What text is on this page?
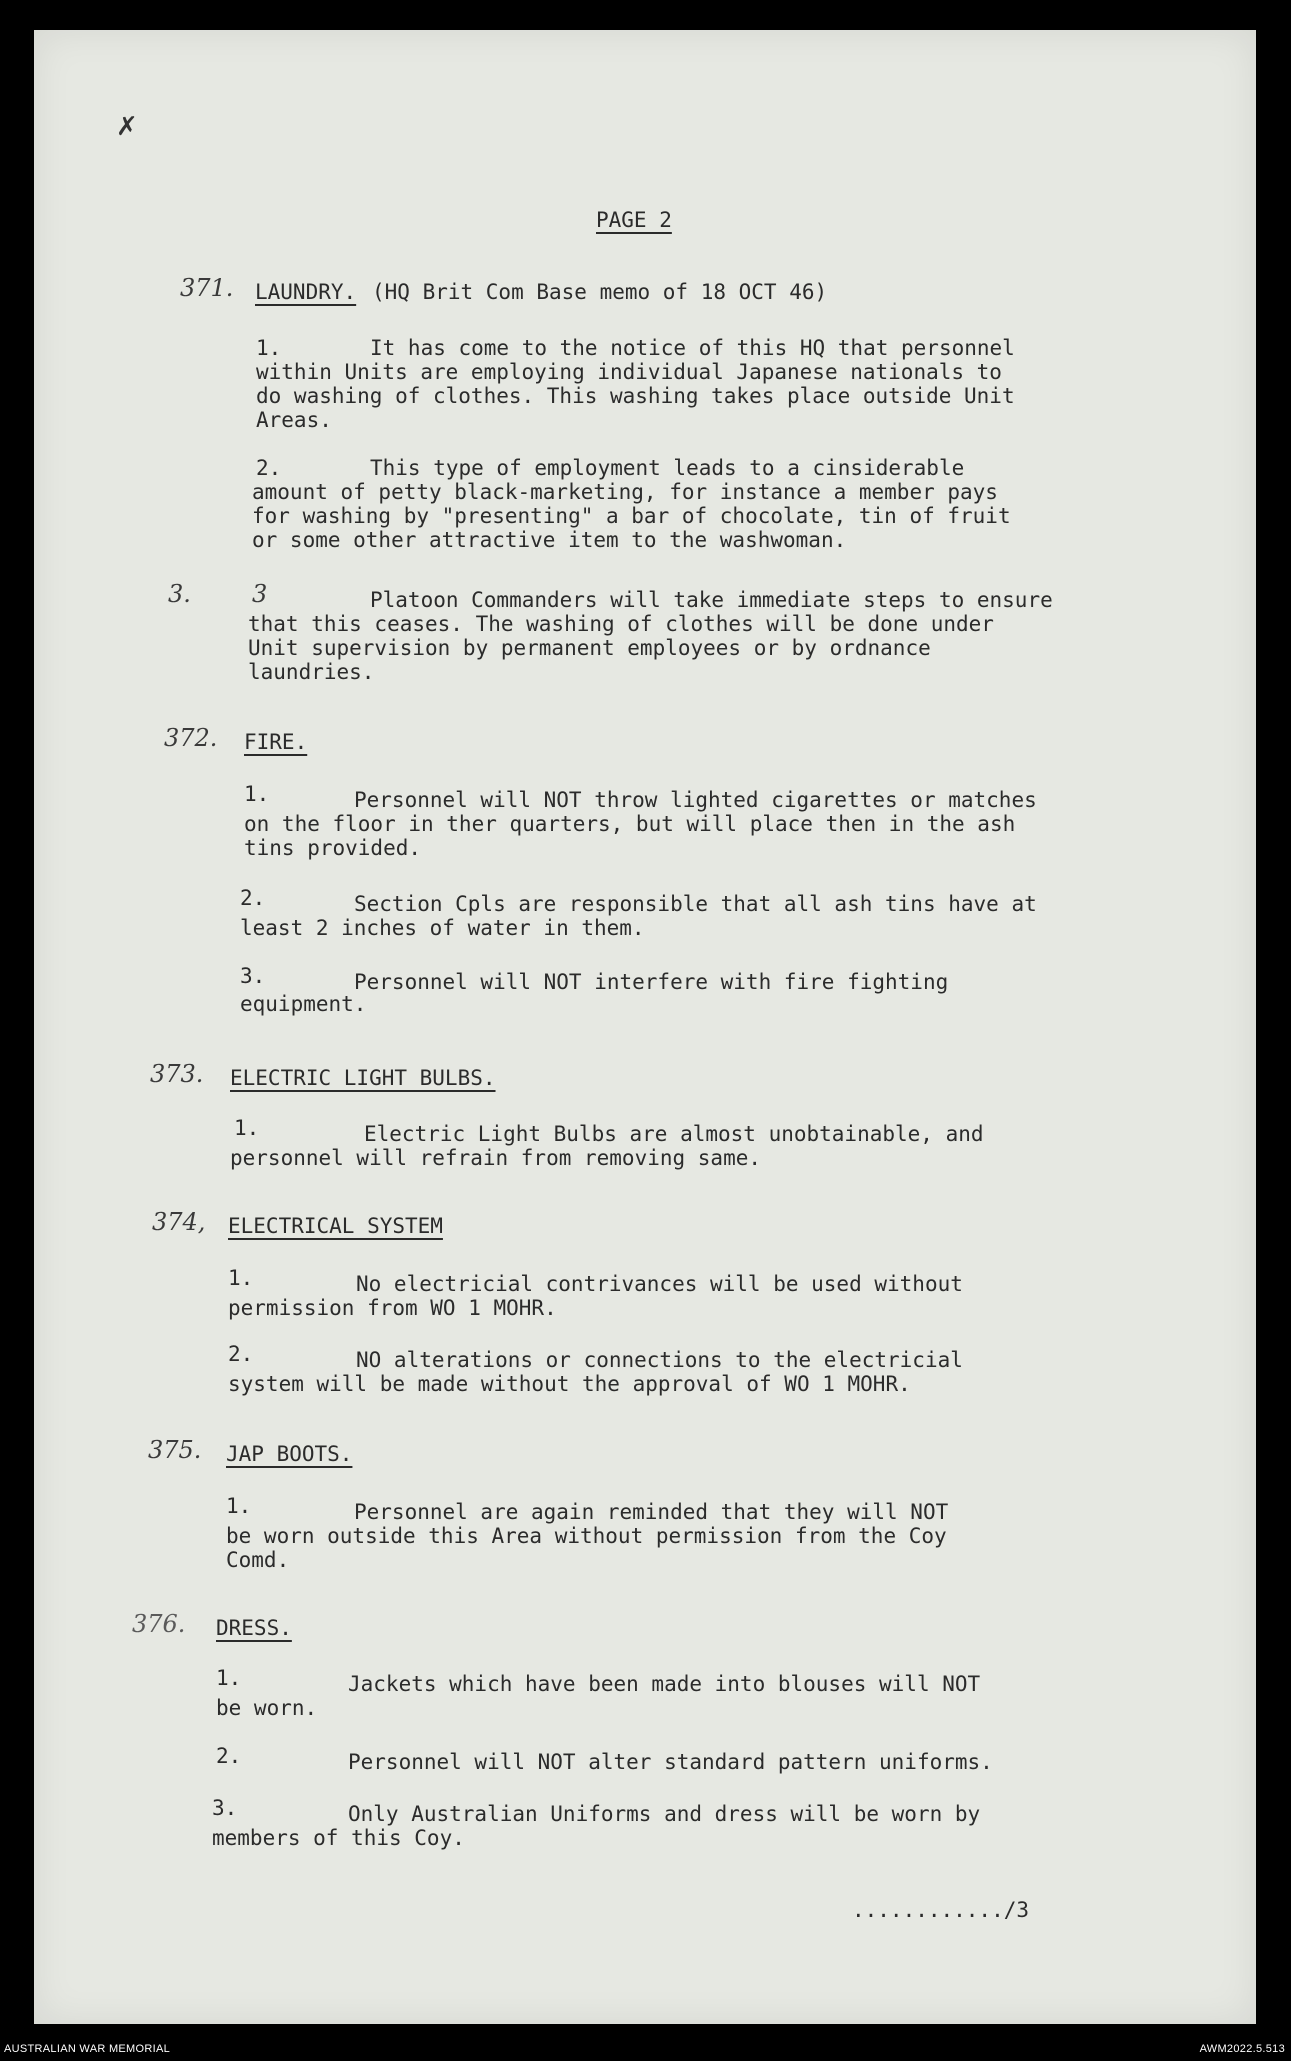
✗
PAGE 2
371. LAUNDRY. (HQ Brit Com Base memo of 18 OCT 46)
1.	It has come to the notice of this HQ that personnel
within Units are employing individual Japanese nationals to
do washing of clothes. This washing takes place outside Unit
Areas.
2.	This type of employment leads to a cinsiderable
amount of petty black-marketing, for instance a member pays
for washing by "presenting" a bar of chocolate, tin of fruit
or some other attractive item to the washwoman.
3.	3	Platoon Commanders will take immediate steps to ensure
that this ceases. The washing of clothes will be done under
Unit supervision by permanent employees or by ordnance
laundries.
372. FIRE.
1.	Personnel will NOT throw lighted cigarettes or matches
on the floor in ther quarters, but will place then in the ash
tins provided.
2.	Section Cpls are responsible that all ash tins have at
least 2 inches of water in them.
3.	Personnel will NOT interfere with fire fighting
equipment.
373. ELECTRIC LIGHT BULBS.
1.	Electric Light Bulbs are almost unobtainable, and
personnel will refrain from removing same.
374, ELECTRICAL SYSTEM
1.	No electricial contrivances will be used without
permission from WO 1 MOHR.
2.	NO alterations or connections to the electricial
system will be made without the approval of WO 1 MOHR.
375. JAP BOOTS.
1.	Personnel are again reminded that they will NOT
be worn outside this Area without permission from the Coy
Comd.
376. DRESS.
1.	Jackets which have been made into blouses will NOT
be worn.
2.	Personnel will NOT alter standard pattern uniforms.
3.	Only Australian Uniforms and dress will be worn by
members of this Coy.
............/3
AUSTRALIAN WAR MEMORIAL	AWM2022.5.513
